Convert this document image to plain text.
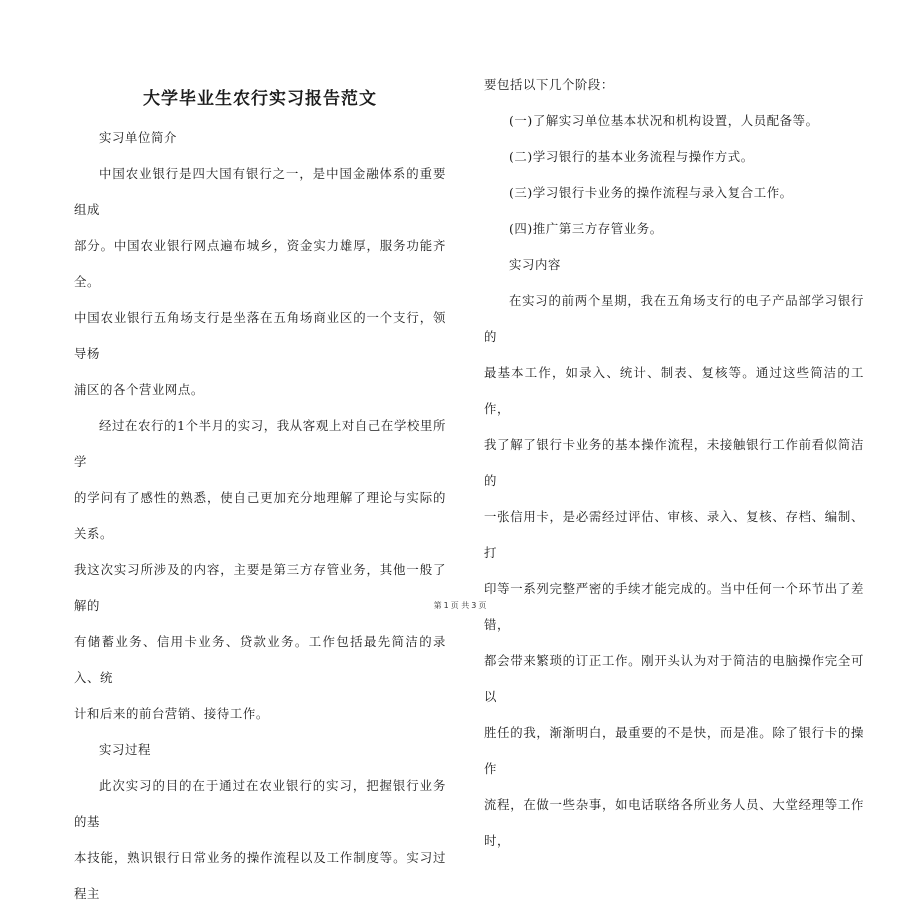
大学毕业生农行实习报告范文

实习单位简介

中国农业银行是四大国有银行之一，是中国金融体系的重要组成

部分。中国农业银行网点遍布城乡，资金实力雄厚，服务功能齐全。

中国农业银行五角场支行是坐落在五角场商业区的一个支行，领导杨

浦区的各个营业网点。

经过在农行的1个半月的实习，我从客观上对自己在学校里所学

的学问有了感性的熟悉，使自己更加充分地理解了理论与实际的关系。

我这次实习所涉及的内容，主要是第三方存管业务，其他一般了解的

有储蓄业务、信用卡业务、贷款业务。工作包括最先简洁的录入、统

计和后来的前台营销、接待工作。

实习过程

此次实习的目的在于通过在农业银行的实习，把握银行业务的基

本技能，熟识银行日常业务的操作流程以及工作制度等。实习过程主

要包括以下几个阶段：

(一)了解实习单位基本状况和机构设置，人员配备等。

(二)学习银行的基本业务流程与操作方式。

(三)学习银行卡业务的操作流程与录入复合工作。

(四)推广第三方存管业务。

实习内容

在实习的前两个星期，我在五角场支行的电子产品部学习银行的

最基本工作，如录入、统计、制表、复核等。通过这些简洁的工作，

我了解了银行卡业务的基本操作流程，未接触银行工作前看似简洁的

一张信用卡，是必需经过评估、审核、录入、复核、存档、编制、打

印等一系列完整严密的手续才能完成的。当中任何一个环节出了差错，

都会带来繁琐的订正工作。刚开头认为对于简洁的电脑操作完全可以

胜任的我，渐渐明白，最重要的不是快，而是准。除了银行卡的操作

流程，在做一些杂事，如电话联络各所业务人员、大堂经理等工作时，

第 1 页 共 3 页
